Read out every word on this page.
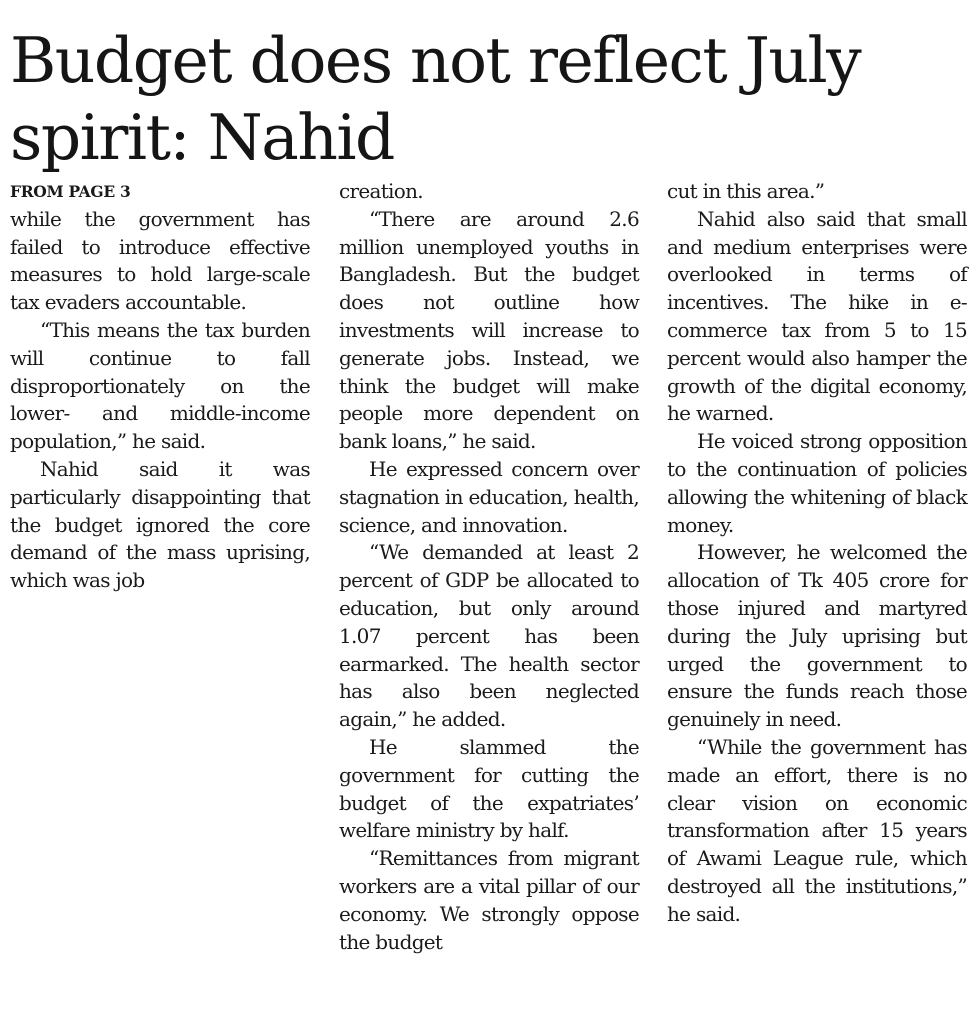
Budget does not reflect July spirit: Nahid
FROM PAGE 3

while the government has failed to introduce effective measures to hold large-scale tax evaders accountable.

“This means the tax burden will continue to fall disproportionately on the lower- and middle-income population,” he said.

Nahid said it was particularly disappointing that the budget ignored the core demand of the mass uprising, which was job

creation.

“There are around 2.6 million unemployed youths in Bangladesh. But the budget does not outline how investments will increase to generate jobs. Instead, we think the budget will make people more dependent on bank loans,” he said.

He expressed concern over stagnation in education, health, science, and innovation.

“We demanded at least 2 percent of GDP be allocated to education, but only around 1.07 percent has been earmarked. The health sector has also been neglected again,” he added.

He slammed the government for cutting the budget of the expatriates’ welfare ministry by half.

“Remittances from migrant workers are a vital pillar of our economy. We strongly oppose the budget

cut in this area.”

Nahid also said that small and medium enterprises were overlooked in terms of incentives. The hike in e-commerce tax from 5 to 15 percent would also hamper the growth of the digital economy, he warned.

He voiced strong opposition to the continuation of policies allowing the whitening of black money.

However, he welcomed the allocation of Tk 405 crore for those injured and martyred during the July uprising but urged the government to ensure the funds reach those genuinely in need.

“While the government has made an effort, there is no clear vision on economic transformation after 15 years of Awami League rule, which destroyed all the institutions,” he said.
